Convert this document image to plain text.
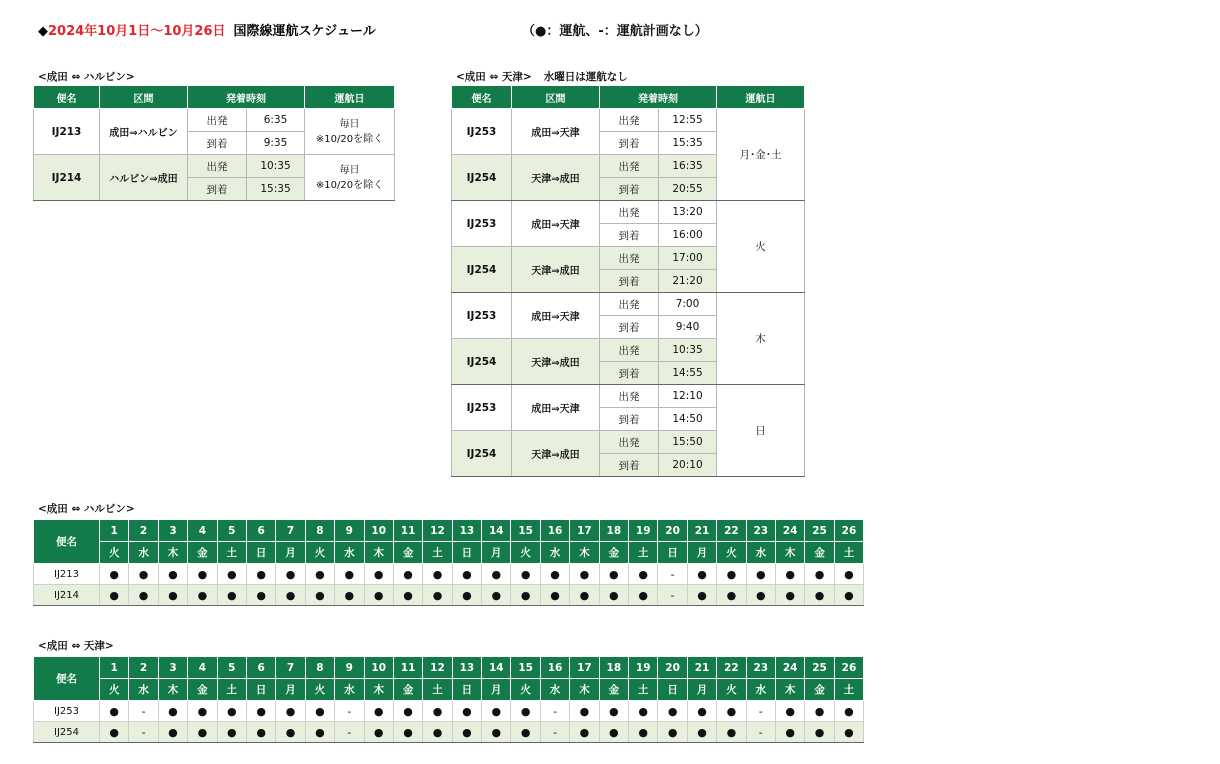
◆2024年10月1日～10月26日 国際線運航スケジュール	（●：運航、-：運航計画なし）
<成田 ⇔ ハルビン>
便名	区間	発着時刻		運航日
IJ213	成田⇒ハルビン	出発	6:35	毎日
※10/20を除く
		到着	9:35	
IJ214	ハルビン⇒成田	出発	10:35	毎日
※10/20を除く
		到着	15:35	
<成田 ⇔ 天津> 水曜日は運航なし
便名	区間	発着時刻		運航日
IJ253	成田⇒天津	出発	12:55	月･金･土
		到着	15:35	
IJ254	天津⇒成田	出発	16:35	
		到着	20:55	
IJ253	成田⇒天津	出発	13:20	火
		到着	16:00	
IJ254	天津⇒成田	出発	17:00	
		到着	21:20	
IJ253	成田⇒天津	出発	7:00	木
		到着	9:40	
IJ254	天津⇒成田	出発	10:35	
		到着	14:55	
IJ253	成田⇒天津	出発	12:10	日
		到着	14:50	
IJ254	天津⇒成田	出発	15:50	
		到着	20:10	
<成田 ⇔ ハルビン>
便名	1	2	3	4	5	6	7	8	9	10	11	12	13	14	15	16	17	18	19	20	21	22	23	24	25	26
	火	水	木	金	土	日	月	火	水	木	金	土	日	月	火	水	木	金	土	日	月	火	水	木	金	土
IJ213	●	●	●	●	●	●	●	●	●	●	●	●	●	●	●	●	●	●	●	-	●	●	●	●	●	●
IJ214	●	●	●	●	●	●	●	●	●	●	●	●	●	●	●	●	●	●	●	-	●	●	●	●	●	●
<成田 ⇔ 天津>
便名	1	2	3	4	5	6	7	8	9	10	11	12	13	14	15	16	17	18	19	20	21	22	23	24	25	26
	火	水	木	金	土	日	月	火	水	木	金	土	日	月	火	水	木	金	土	日	月	火	水	木	金	土
IJ253	●	-	●	●	●	●	●	●	-	●	●	●	●	●	●	-	●	●	●	●	●	●	-	●	●	●
IJ254	●	-	●	●	●	●	●	●	-	●	●	●	●	●	●	-	●	●	●	●	●	●	-	●	●	●
